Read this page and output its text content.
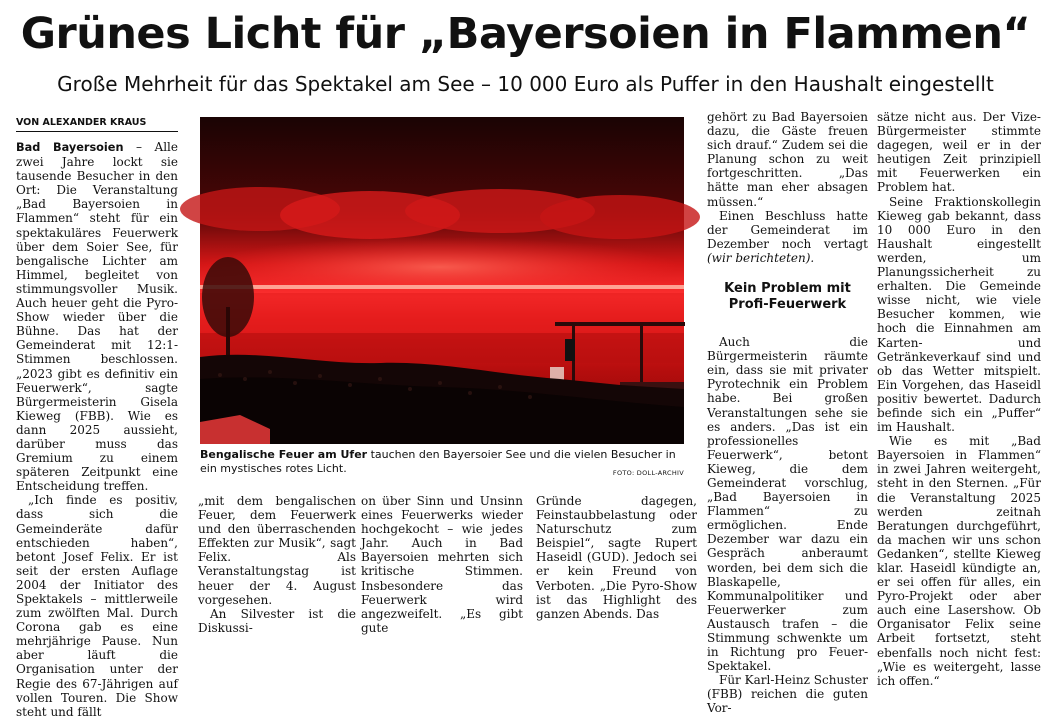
Grünes Licht für „Bayersoien in Flammen“
Große Mehrheit für das Spektakel am See – 10 000 Euro als Puffer in den Haushalt eingestellt
VON ALEXANDER KRAUS

Bad Bayersoien – Alle zwei Jahre lockt sie tausende Besucher in den Ort: Die Veranstaltung „Bad Bayersoien in Flammen“ steht für ein spektakuläres Feuerwerk über dem Soier See, für bengalische Lichter am Himmel, begleitet von stimmungsvoller Musik. Auch heuer geht die Pyro-Show wieder über die Bühne. Das hat der Gemeinderat mit 12:1-Stimmen beschlossen. „2023 gibt es definitiv ein Feuerwerk“, sagte Bürgermeisterin Gisela Kieweg (FBB). Wie es dann 2025 aussieht, darüber muss das Gremium zu einem späteren Zeitpunkt eine Entscheidung treffen.

„Ich finde es positiv, dass sich die Gemeinderäte dafür entschieden haben“, betont Josef Felix. Er ist seit der ersten Auflage 2004 der Initiator des Spektakels – mittlerweile zum zwölften Mal. Durch Corona gab es eine mehrjährige Pause. Nun aber läuft die Organisation unter der Regie des 67-Jährigen auf vollen Touren. Die Show steht und fällt

Bengalische Feuer am Ufer tauchen den Bayersoier See und die vielen Besucher in ein mystisches rotes Licht.	FOTO: DOLL-ARCHIV

„mit dem bengalischen Feuer, dem Feuerwerk und den überraschenden Effekten zur Musik“, sagt Felix. Als Veranstaltungstag ist heuer der 4. August vorgesehen.

An Silvester ist die Diskussi-

on über Sinn und Unsinn eines Feuerwerks wieder hochgekocht – wie jedes Jahr. Auch in Bad Bayersoien mehrten sich kritische Stimmen. Insbesondere das Feuerwerk wird angezweifelt. „Es gibt gute

Gründe dagegen, Feinstaubbelastung oder Naturschutz zum Beispiel“, sagte Rupert Haseidl (GUD). Jedoch sei er kein Freund von Verboten. „Die Pyro-Show ist das Highlight des ganzen Abends. Das

gehört zu Bad Bayersoien dazu, die Gäste freuen sich drauf.“ Zudem sei die Planung schon zu weit fortgeschritten. „Das hätte man eher absagen müssen.“

Einen Beschluss hatte der Gemeinderat im Dezember noch vertagt (wir berichteten).

Kein Problem mit Profi-Feuerwerk

Auch die Bürgermeisterin räumte ein, dass sie mit privater Pyrotechnik ein Problem habe. Bei großen Veranstaltungen sehe sie es anders. „Das ist ein professionelles Feuerwerk“, betont Kieweg, die dem Gemeinderat vorschlug, „Bad Bayersoien in Flammen“ zu ermöglichen. Ende Dezember war dazu ein Gespräch anberaumt worden, bei dem sich die Blaskapelle, Kommunalpolitiker und Feuerwerker zum Austausch trafen – die Stimmung schwenkte um in Richtung pro Feuer-Spektakel.

Für Karl-Heinz Schuster (FBB) reichen die guten Vor-

sätze nicht aus. Der Vize-Bürgermeister stimmte dagegen, weil er in der heutigen Zeit prinzipiell mit Feuerwerken ein Problem hat.

Seine Fraktionskollegin Kieweg gab bekannt, dass 10 000 Euro in den Haushalt eingestellt werden, um Planungssicherheit zu erhalten. Die Gemeinde wisse nicht, wie viele Besucher kommen, wie hoch die Einnahmen am Karten- und Getränkeverkauf sind und ob das Wetter mitspielt. Ein Vorgehen, das Haseidl positiv bewertet. Dadurch befinde sich ein „Puffer“ im Haushalt.

Wie es mit „Bad Bayersoien in Flammen“ in zwei Jahren weitergeht, steht in den Sternen. „Für die Veranstaltung 2025 werden zeitnah Beratungen durchgeführt, da machen wir uns schon Gedanken“, stellte Kieweg klar. Haseidl kündigte an, er sei offen für alles, ein Pyro-Projekt oder aber auch eine Lasershow. Ob Organisator Felix seine Arbeit fortsetzt, steht ebenfalls noch nicht fest: „Wie es weitergeht, lasse ich offen.“
